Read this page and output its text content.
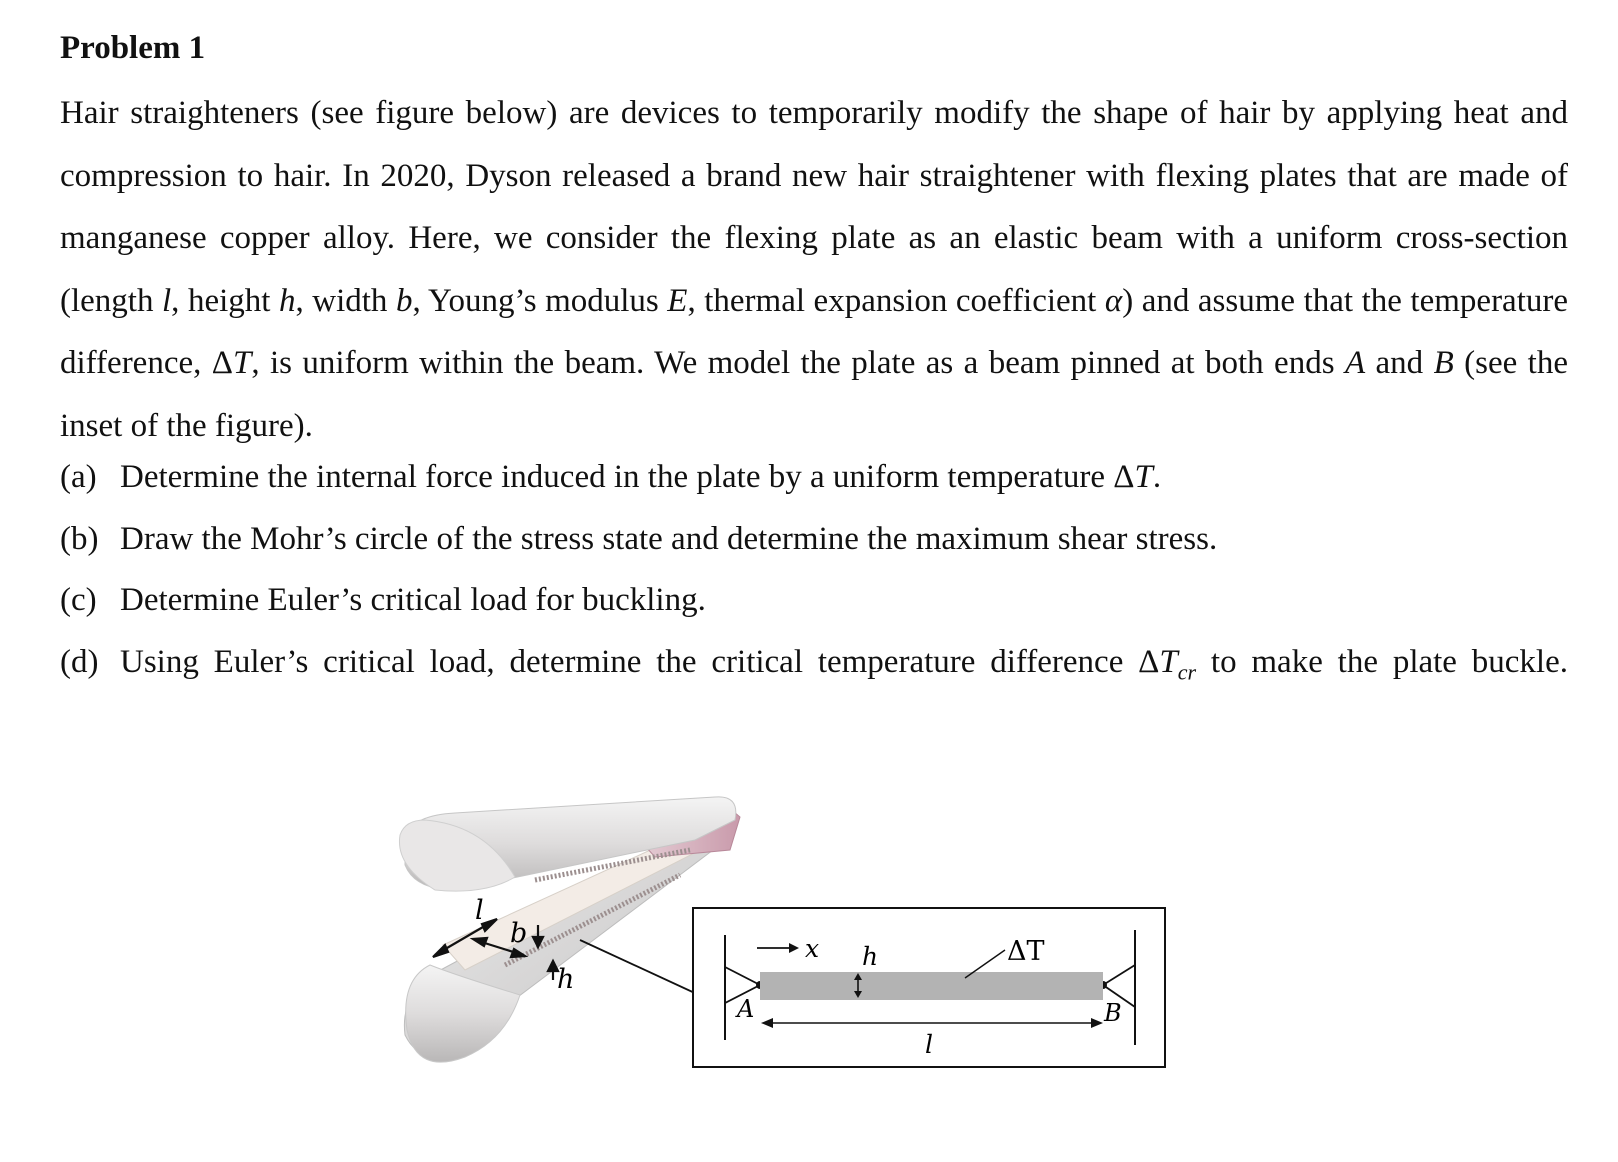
Problem 1

Hair straighteners (see figure below) are devices to temporarily modify the shape of hair by applying heat and compression to hair. In 2020, Dyson released a brand new hair straightener with flexing plates that are made of manganese copper alloy. Here, we consider the flexing plate as an elastic beam with a uniform cross-section (length l, height h, width b, Young’s modulus E, thermal expansion coefficient α) and assume that the temperature difference, ΔT, is uniform within the beam. We model the plate as a beam pinned at both ends A and B (see the inset of the figure).

(a) Determine the internal force induced in the plate by a uniform temperature ΔT.
(b) Draw the Mohr’s circle of the stress state and determine the maximum shear stress.
(c) Determine Euler’s critical load for buckling.
(d) Using Euler’s critical load, determine the critical temperature difference $\Delta T_{cr}$ to make the plate buckle.
l
b
h
x h	ΔT
A	B
l
